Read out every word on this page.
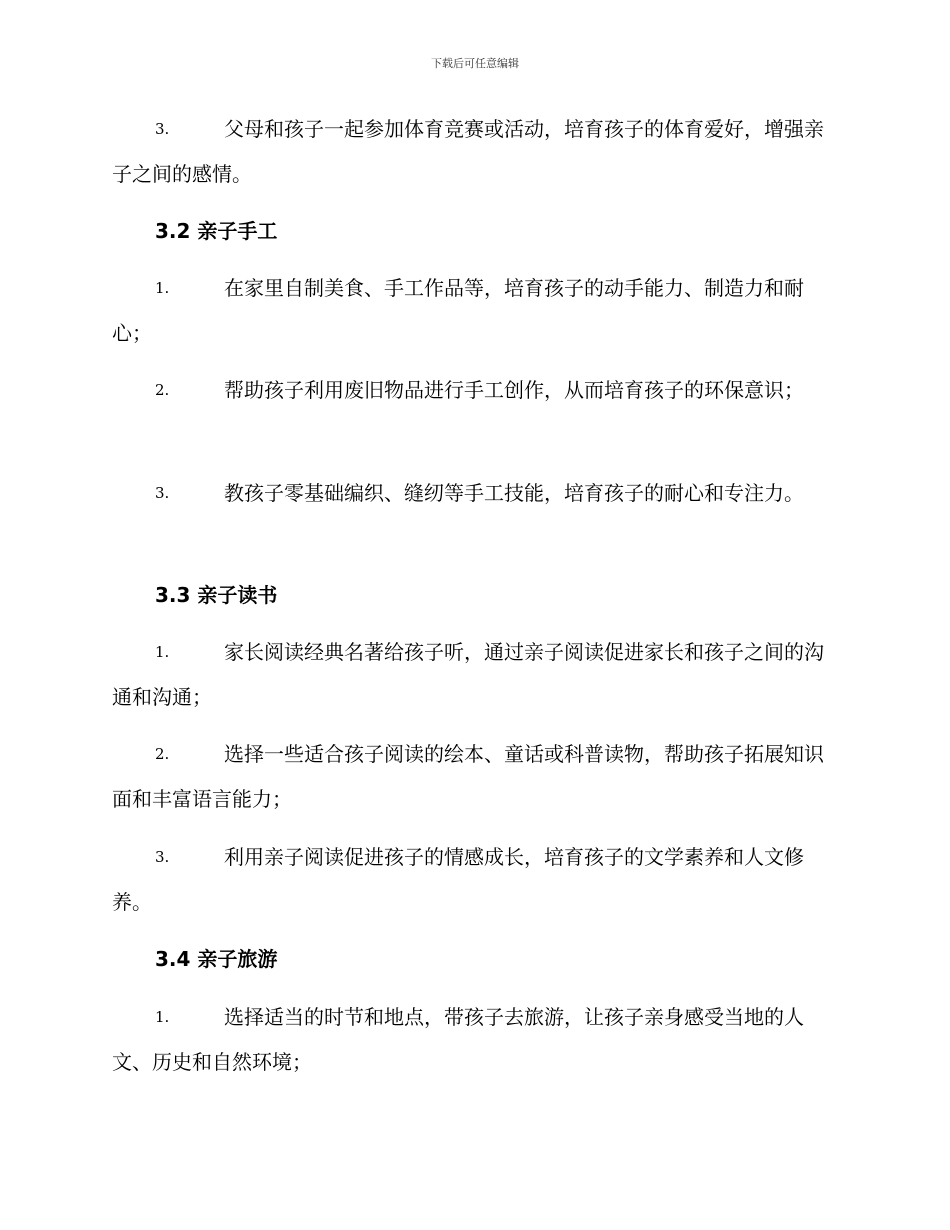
下载后可任意编辑
3.	父母和孩子一起参加体育竞赛或活动，培育孩子的体育爱好，增强亲子之间的感情。
3.2 亲子手工
1.	在家里自制美食、手工作品等，培育孩子的动手能力、制造力和耐心；
2.	帮助孩子利用废旧物品进行手工创作，从而培育孩子的环保意识；
3.	教孩子零基础编织、缝纫等手工技能，培育孩子的耐心和专注力。
3.3 亲子读书
1.	家长阅读经典名著给孩子听，通过亲子阅读促进家长和孩子之间的沟通和沟通；
2.	选择一些适合孩子阅读的绘本、童话或科普读物，帮助孩子拓展知识面和丰富语言能力；
3.	利用亲子阅读促进孩子的情感成长，培育孩子的文学素养和人文修养。
3.4 亲子旅游
1.	选择适当的时节和地点，带孩子去旅游，让孩子亲身感受当地的人文、历史和自然环境；
